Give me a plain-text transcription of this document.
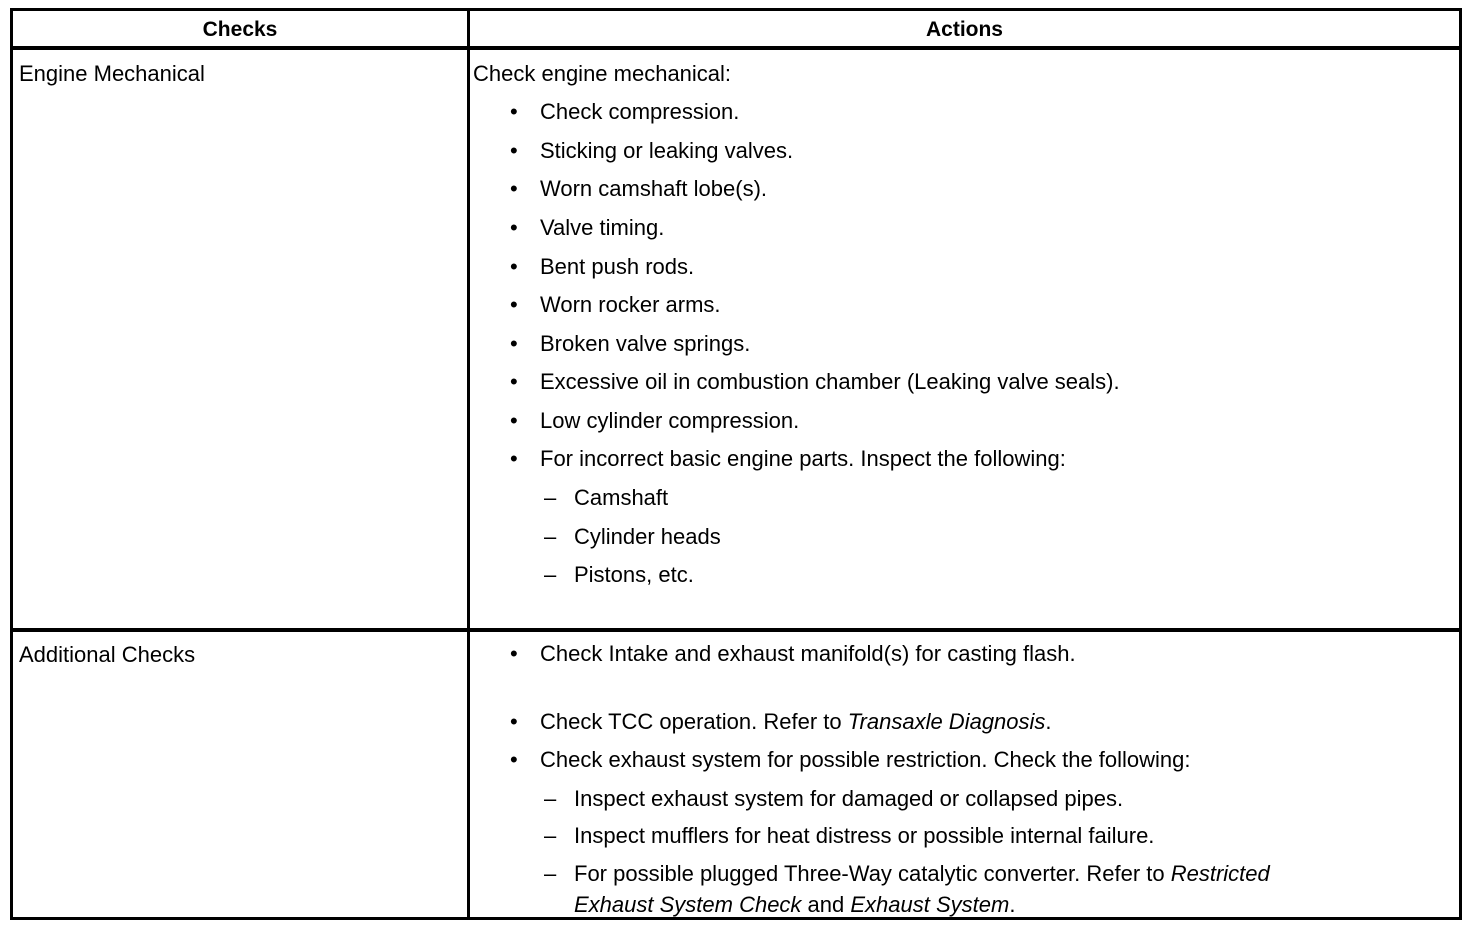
Checks	Actions
Engine Mechanical	Check engine mechanical:
• Check compression.
• Sticking or leaking valves.
• Worn camshaft lobe(s).
• Valve timing.
• Bent push rods.
• Worn rocker arms.
• Broken valve springs.
• Excessive oil in combustion chamber (Leaking valve seals).
• Low cylinder compression.
• For incorrect basic engine parts. Inspect the following:
– Camshaft
– Cylinder heads
– Pistons, etc.
Additional Checks	• Check Intake and exhaust manifold(s) for casting flash.
• Check TCC operation. Refer to Transaxle Diagnosis.
• Check exhaust system for possible restriction. Check the following:
– Inspect exhaust system for damaged or collapsed pipes.
– Inspect mufflers for heat distress or possible internal failure.
– For possible plugged Three-Way catalytic converter. Refer to Restricted
Exhaust System Check and Exhaust System.
